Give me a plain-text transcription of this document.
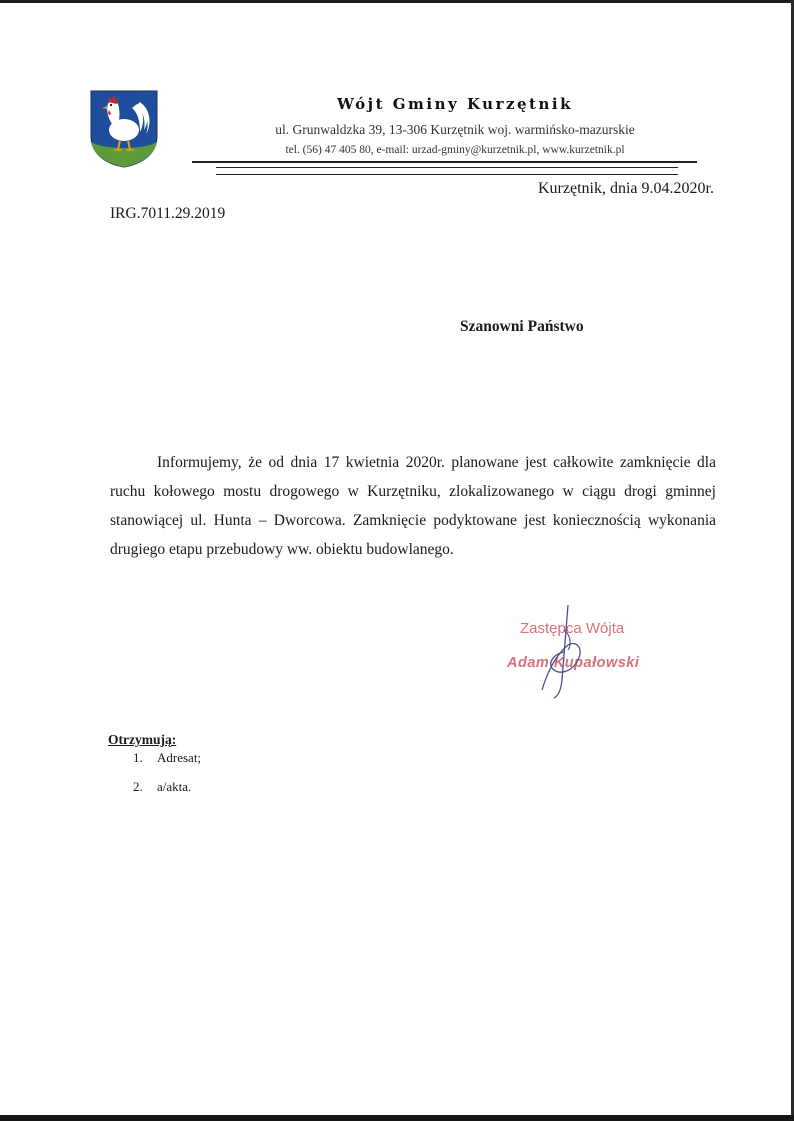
Wójt Gminy Kurzętnik
ul. Grunwaldzka 39, 13-306 Kurzętnik woj. warmińsko-mazurskie
tel. (56) 47 405 80, e-mail: urzad-gminy@kurzetnik.pl, www.kurzetnik.pl
Kurzętnik, dnia 9.04.2020r.
IRG.7011.29.2019
Szanowni Państwo

Informujemy, że od dnia 17 kwietnia 2020r. planowane jest całkowite zamknięcie dla ruchu kołowego mostu drogowego w Kurzętniku, zlokalizowanego w ciągu drogi gminnej stanowiącej ul. Hunta – Dworcowa. Zamknięcie podyktowane jest koniecznością wykonania drugiego etapu przebudowy ww. obiektu budowlanego.

Zastępca Wójta
Adam Kupałowski
Otrzymują:
1. Adresat;
2. a/akta.
